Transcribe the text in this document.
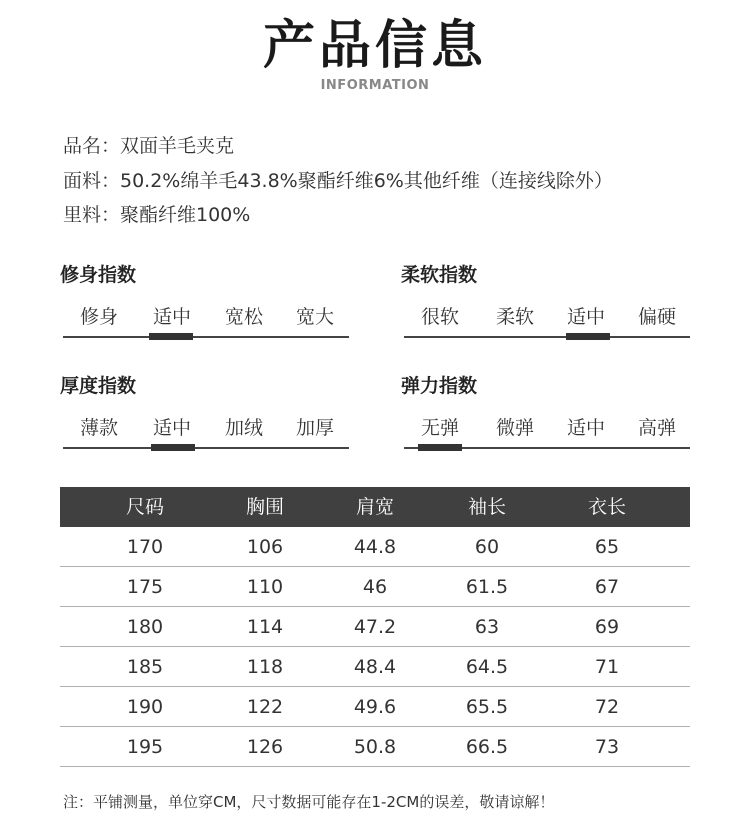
产品信息
INFORMATION
品名：双面羊毛夹克
面料：50.2%绵羊毛43.8%聚酯纤维6%其他纤维（连接线除外）
里料：聚酯纤维100%
修身指数
修身	适中	宽松	宽大
柔软指数
很软	柔软	适中	偏硬
厚度指数
薄款	适中	加绒	加厚
弹力指数
无弹	微弹	适中	高弹
尺码	胸围	肩宽	袖长	衣长
170	106	44.8	60	65
175	110	46	61.5	67
180	114	47.2	63	69
185	118	48.4	64.5	71
190	122	49.6	65.5	72
195	126	50.8	66.5	73
注：平铺测量，单位穿CM，尺寸数据可能存在1-2CM的误差，敬请谅解！
